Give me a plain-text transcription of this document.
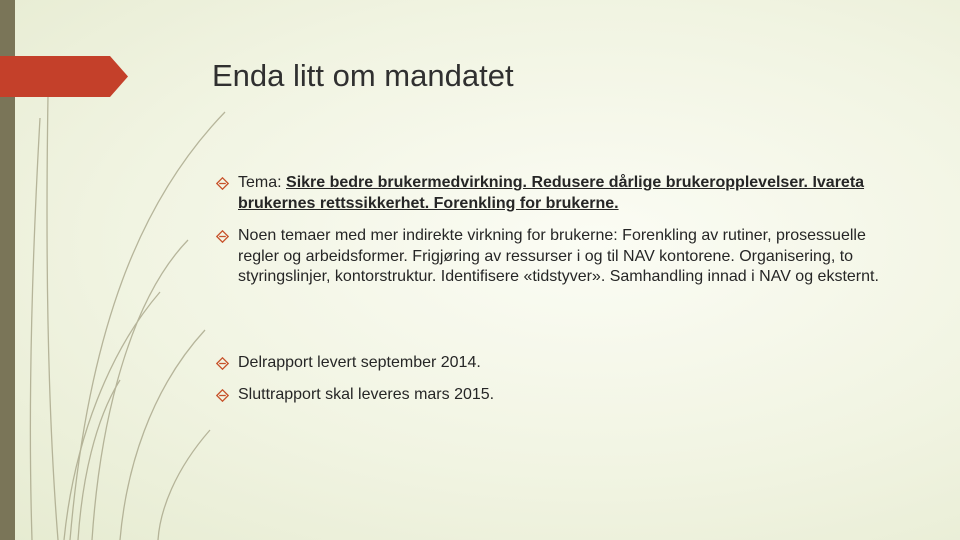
Enda litt om mandatet
Tema: Sikre bedre brukermedvirkning. Redusere dårlige brukeropplevelser. Ivareta brukernes rettssikkerhet. Forenkling for brukerne.
Noen temaer med mer indirekte virkning for brukerne: Forenkling av rutiner, prosessuelle regler og arbeidsformer. Frigjøring av ressurser i og til NAV kontorene. Organisering, to styringslinjer, kontorstruktur. Identifisere «tidstyver». Samhandling innad i NAV og eksternt.
Delrapport levert september 2014.
Sluttrapport skal leveres mars 2015.
